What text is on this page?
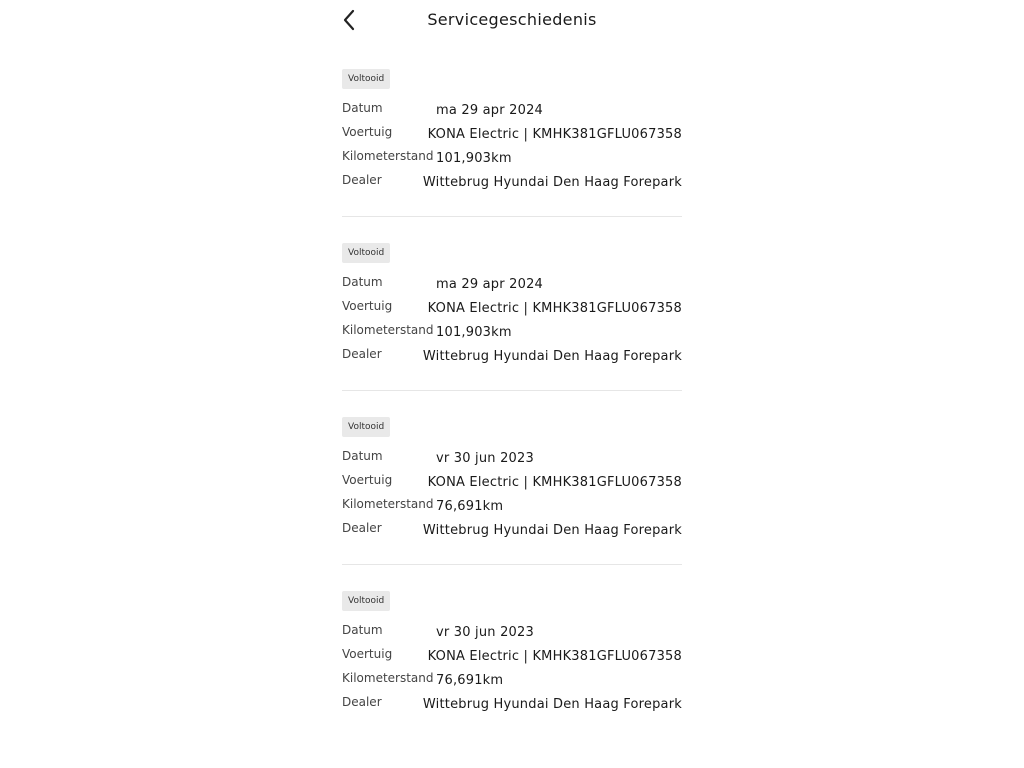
Servicegeschiedenis
Voltooid
Datum	ma 29 apr 2024
Voertuig	KONA Electric | KMHK381GFLU067358
Kilometerstand 101,903km
Dealer	Wittebrug Hyundai Den Haag Forepark
Voltooid
Datum	ma 29 apr 2024
Voertuig	KONA Electric | KMHK381GFLU067358
Kilometerstand 101,903km
Dealer	Wittebrug Hyundai Den Haag Forepark
Voltooid
Datum	vr 30 jun 2023
Voertuig	KONA Electric | KMHK381GFLU067358
Kilometerstand 76,691km
Dealer	Wittebrug Hyundai Den Haag Forepark
Voltooid
Datum	vr 30 jun 2023
Voertuig	KONA Electric | KMHK381GFLU067358
Kilometerstand 76,691km
Dealer	Wittebrug Hyundai Den Haag Forepark
